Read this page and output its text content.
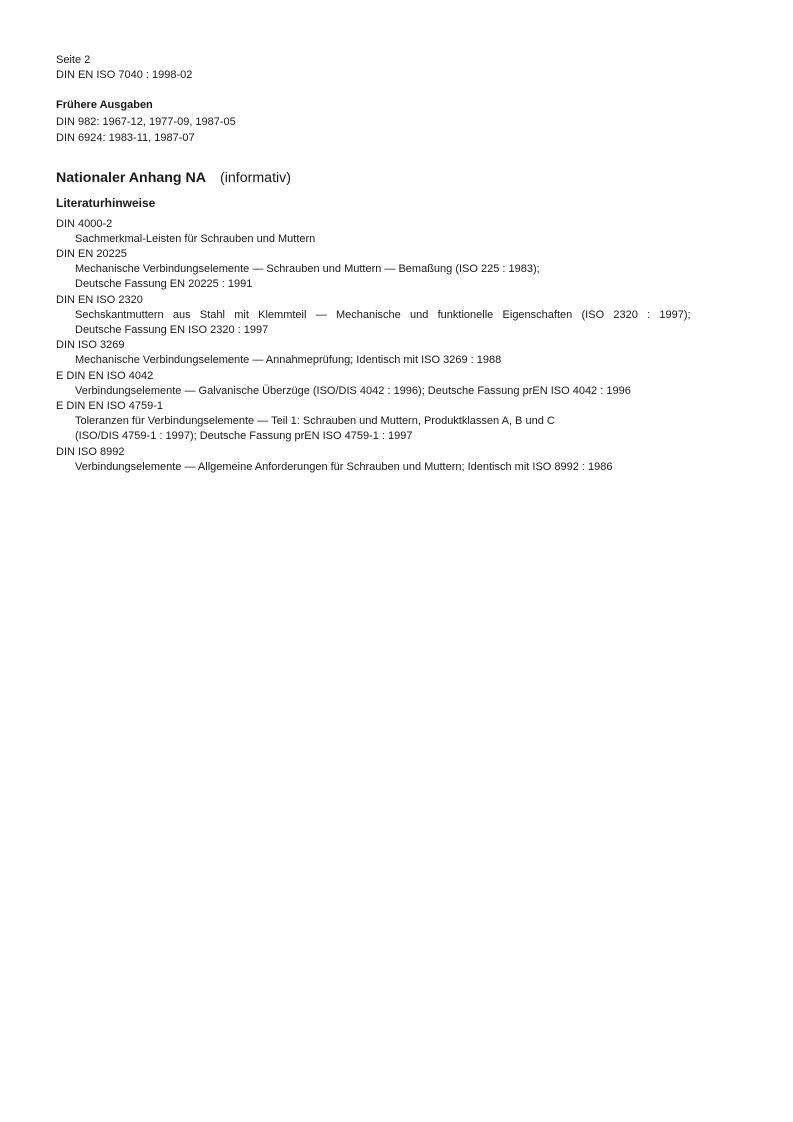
Seite 2
DIN EN ISO 7040 : 1998-02
Frühere Ausgaben
DIN 982: 1967-12, 1977-09, 1987-05
DIN 6924: 1983-11, 1987-07
Nationaler Anhang NA (informativ)
Literaturhinweise
DIN 4000-2
Sachmerkmal-Leisten für Schrauben und Muttern
DIN EN 20225
Mechanische Verbindungselemente — Schrauben und Muttern — Bemaßung (ISO 225 : 1983);
Deutsche Fassung EN 20225 : 1991
DIN EN ISO 2320
Sechskantmuttern aus Stahl mit Klemmteil — Mechanische und funktionelle Eigenschaften (ISO 2320 : 1997);
Deutsche Fassung EN ISO 2320 : 1997
DIN ISO 3269
Mechanische Verbindungselemente — Annahmeprüfung; Identisch mit ISO 3269 : 1988
E DIN EN ISO 4042
Verbindungselemente — Galvanische Überzüge (ISO/DIS 4042 : 1996); Deutsche Fassung prEN ISO 4042 : 1996
E DIN EN ISO 4759-1
Toleranzen für Verbindungselemente — Teil 1: Schrauben und Muttern, Produktklassen A, B und C
(ISO/DIS 4759-1 : 1997); Deutsche Fassung prEN ISO 4759-1 : 1997
DIN ISO 8992
Verbindungselemente — Allgemeine Anforderungen für Schrauben und Muttern; Identisch mit ISO 8992 : 1986
